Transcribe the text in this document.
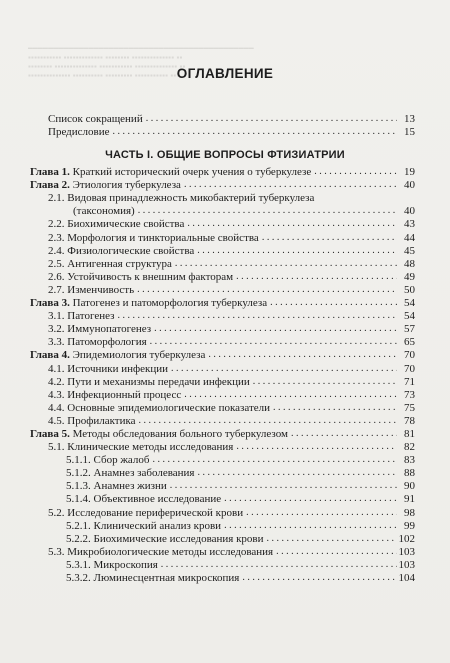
━━━━━━━━━━━━━━━━━━━━━━━━━━━━━━━━━━━━━━━━━━━━━
▪▪▪▪▪▪▪▪▪▪▪ ▪▪▪▪▪▪▪▪▪▪▪▪▪ ▪▪▪▪▪▪▪▪ ▪▪▪▪▪▪▪▪▪▪▪▪▪▪ ▪▪
▪▪▪▪▪▪▪▪ ▪▪▪▪▪▪▪▪▪▪▪▪▪▪ ▪▪▪▪▪▪▪▪▪▪▪ ▪▪▪▪▪▪▪▪▪▪▪▪▪▪ ▪▪
▪▪▪▪▪▪▪▪▪▪▪▪▪▪ ▪▪▪▪▪▪▪▪▪▪ ▪▪▪▪▪▪▪▪▪ ▪▪▪▪▪▪▪▪▪▪▪ ▪▪▪
ОГЛАВЛЕНИЕ
Список сокращений . . .	13
Предисловие . . .	15
ЧАСТЬ I. ОБЩИЕ ВОПРОСЫ ФТИЗИАТРИИ
Глава 1. Краткий исторический очерк учения о туберкулезе . . .	19
Глава 2. Этиология туберкулеза . . .	40
2.1. Видовая принадлежность микобактерий туберкулеза
(таксономия) . . .	40
2.2. Биохимические свойства . . .	43
2.3. Морфология и тинкториальные свойства . . .	44
2.4. Физиологические свойства . . .	45
2.5. Антигенная структура . . .	48
2.6. Устойчивость к внешним факторам . . .	49
2.7. Изменчивость . . .	50
Глава 3. Патогенез и патоморфология туберкулеза . . .	54
3.1. Патогенез . . .	54
3.2. Иммунопатогенез . . .	57
3.3. Патоморфология . . .	65
Глава 4. Эпидемиология туберкулеза . . .	70
4.1. Источники инфекции . . .	70
4.2. Пути и механизмы передачи инфекции . . .	71
4.3. Инфекционный процесс . . .	73
4.4. Основные эпидемиологические показатели . . .	75
4.5. Профилактика . . .	78
Глава 5. Методы обследования больного туберкулезом . . .	81
5.1. Клинические методы исследования . . .	82
5.1.1. Сбор жалоб . . .	83
5.1.2. Анамнез заболевания . . .	88
5.1.3. Анамнез жизни . . .	90
5.1.4. Объективное исследование . . .	91
5.2. Исследование периферической крови . . .	98
5.2.1. Клинический анализ крови . . .	99
5.2.2. Биохимические исследования крови . . .	102
5.3. Микробиологические методы исследования . . .	103
5.3.1. Микроскопия . . .	103
5.3.2. Люминесцентная микроскопия . . .	104
